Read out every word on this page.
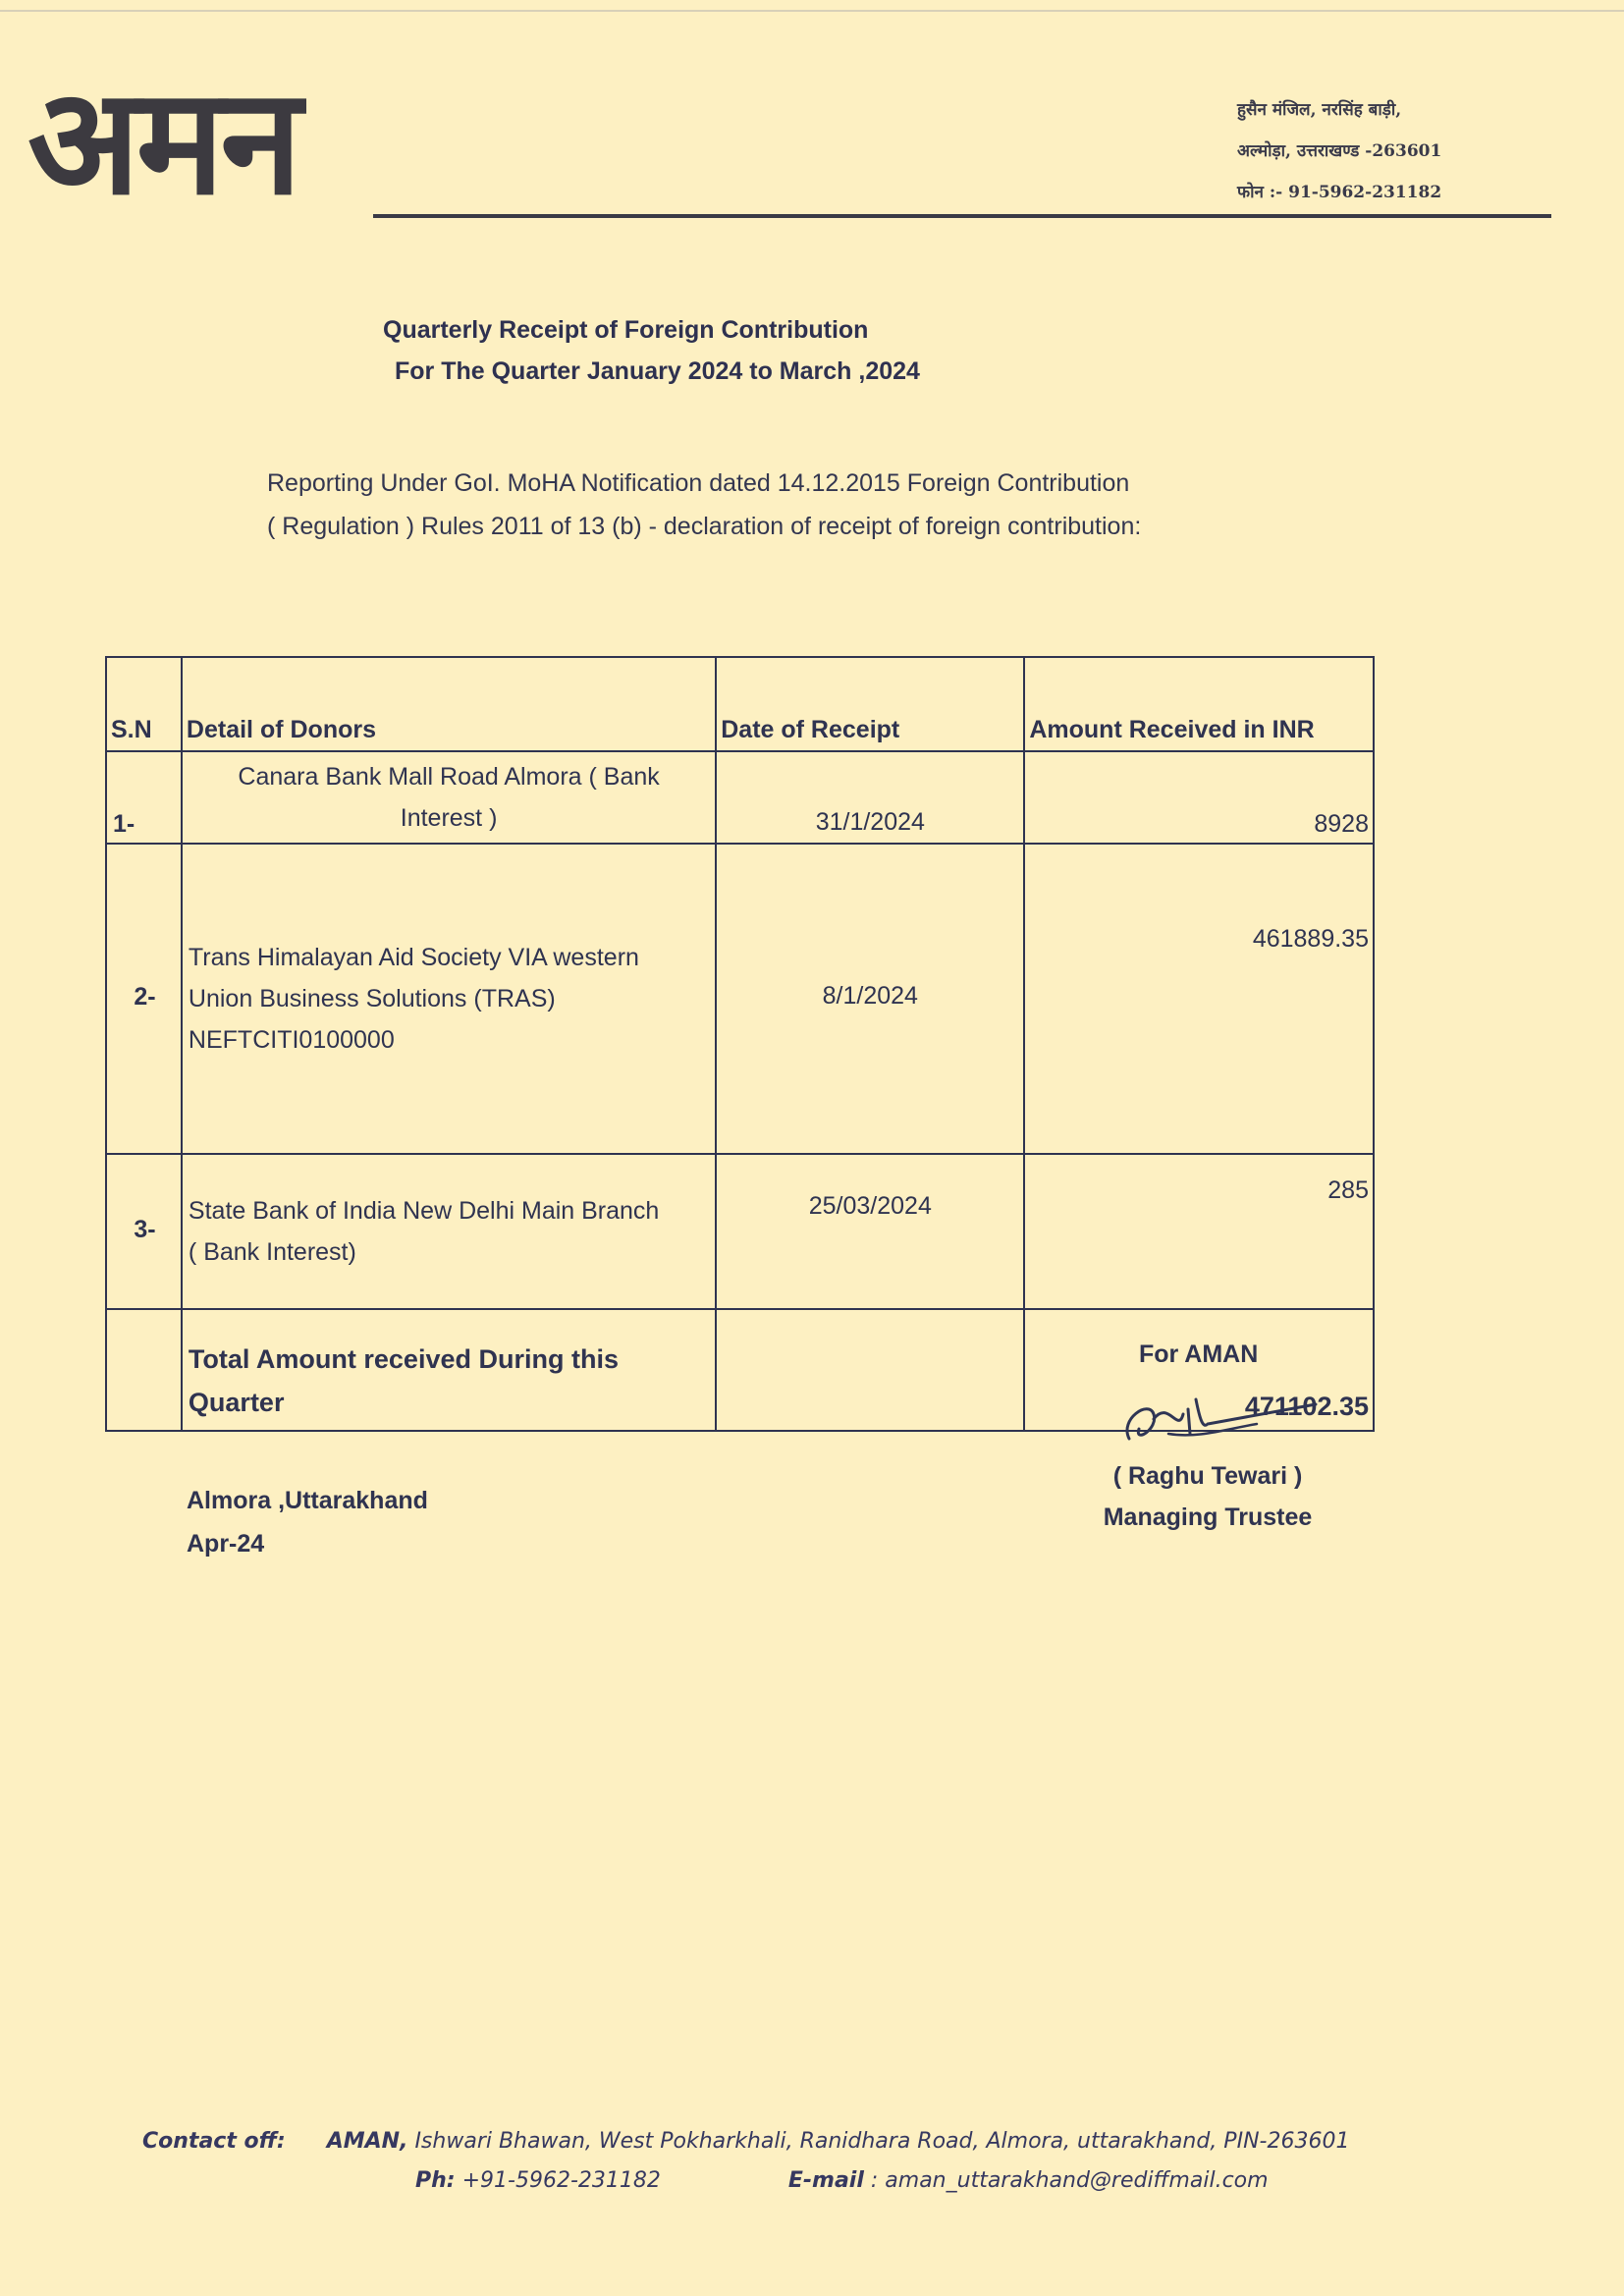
अमन	हुसैन मंजिल, नरसिंह बाड़ी,
अल्मोड़ा, उत्तराखण्ड -263601
फोन :- 91-5962-231182
Quarterly Receipt of Foreign Contribution
For The Quarter January 2024 to March ,2024
Reporting Under GoI. MoHA Notification dated 14.12.2015 Foreign Contribution
( Regulation ) Rules 2011 of 13 (b) - declaration of receipt of foreign contribution:
S.N	Detail of Donors	Date of Receipt	Amount Received in INR
1-	Canara Bank Mall Road Almora ( Bank
Interest )	31/1/2024	8928
2-	Trans Himalayan Aid Society VIA western
Union Business Solutions (TRAS)
NEFTCITI0100000	8/1/2024	461889.35
3-	State Bank of India New Delhi Main Branch
( Bank Interest)	25/03/2024	285

	Total Amount received During this
Quarter		471102.35
For AMAN
( Raghu Tewari )
Managing Trustee
Almora ,Uttarakhand
Apr-24
Contact off: AMAN, Ishwari Bhawan, West Pokharkhali, Ranidhara Road, Almora, uttarakhand, PIN-263601
Ph: +91-5962-231182	E-mail : aman_uttarakhand@rediffmail.com
